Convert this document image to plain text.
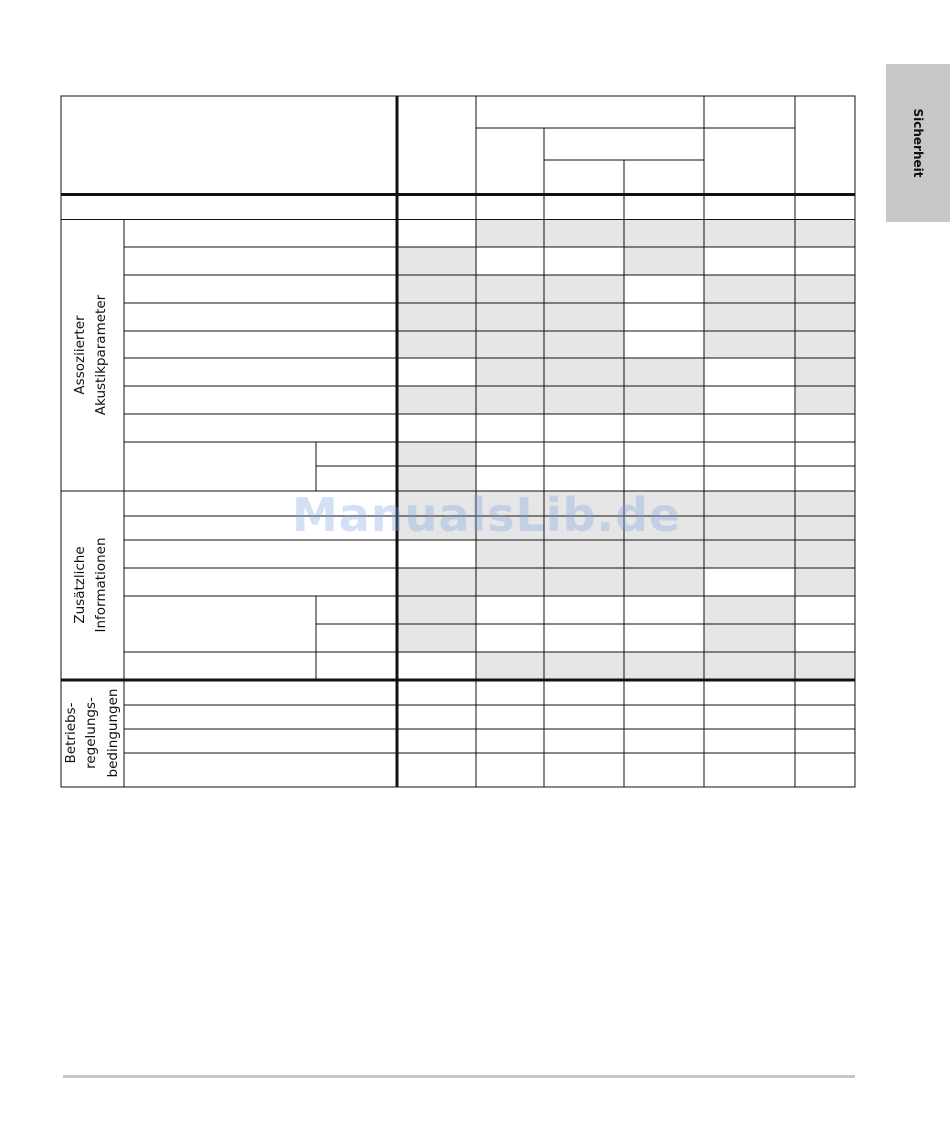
Sicherheit
Assoziierter Akustikparameter
Zusätzliche Informationen
Betriebs- regelungs- bedingungen
ManualsLib.de
